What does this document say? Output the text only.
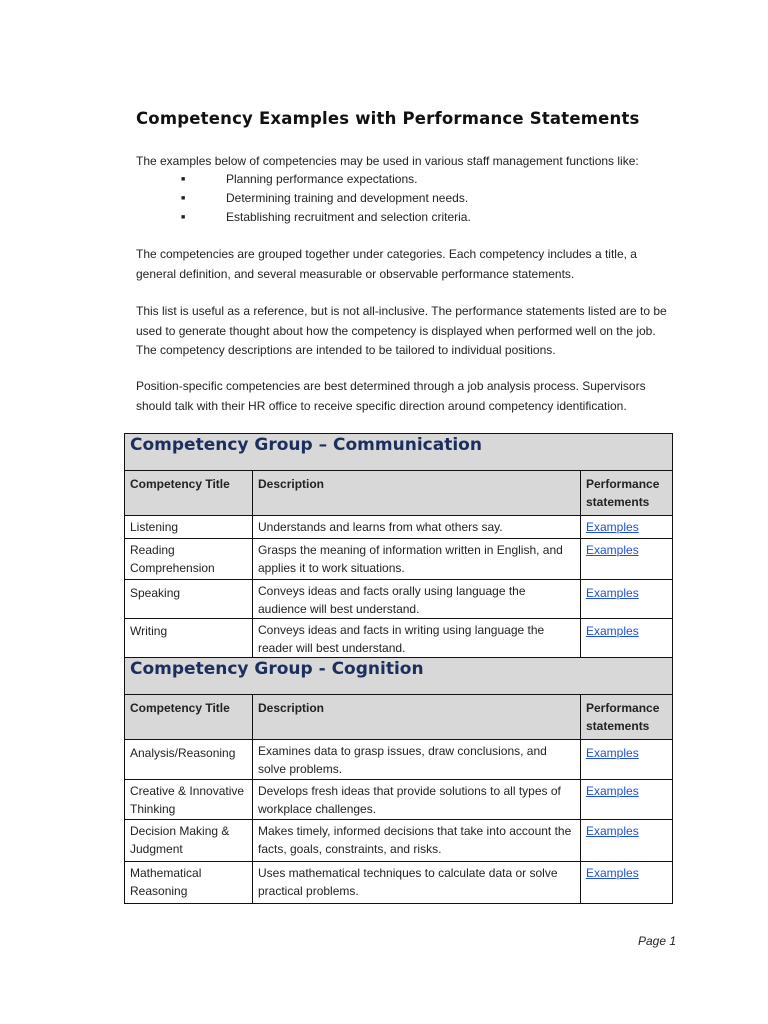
Competency Examples with Performance Statements
The examples below of competencies may be used in various staff management functions like:
■	Planning performance expectations.
■	Determining training and development needs.
■	Establishing recruitment and selection criteria.
The competencies are grouped together under categories. Each competency includes a title, a general definition, and several measurable or observable performance statements.
This list is useful as a reference, but is not all-inclusive. The performance statements listed are to be used to generate thought about how the competency is displayed when performed well on the job. The competency descriptions are intended to be tailored to individual positions.
Position-specific competencies are best determined through a job analysis process. Supervisors should talk with their HR office to receive specific direction around competency identification.
Competency Group – Communication		
Competency Title	Description	Performance statements
Listening	Understands and learns from what others say.	Examples
Reading Comprehension	Grasps the meaning of information written in English, and applies it to work situations.	Examples
Speaking	Conveys ideas and facts orally using language the audience will best understand.	Examples
Writing	Conveys ideas and facts in writing using language the reader will best understand.	Examples
Competency Group - Cognition		
Competency Title	Description	Performance statements
Analysis/Reasoning	Examines data to grasp issues, draw conclusions, and solve problems.	Examples
Creative & Innovative Thinking	Develops fresh ideas that provide solutions to all types of workplace challenges.	Examples
Decision Making & Judgment	Makes timely, informed decisions that take into account the facts, goals, constraints, and risks.	Examples
Mathematical Reasoning	Uses mathematical techniques to calculate data or solve practical problems.	Examples
Page 1
